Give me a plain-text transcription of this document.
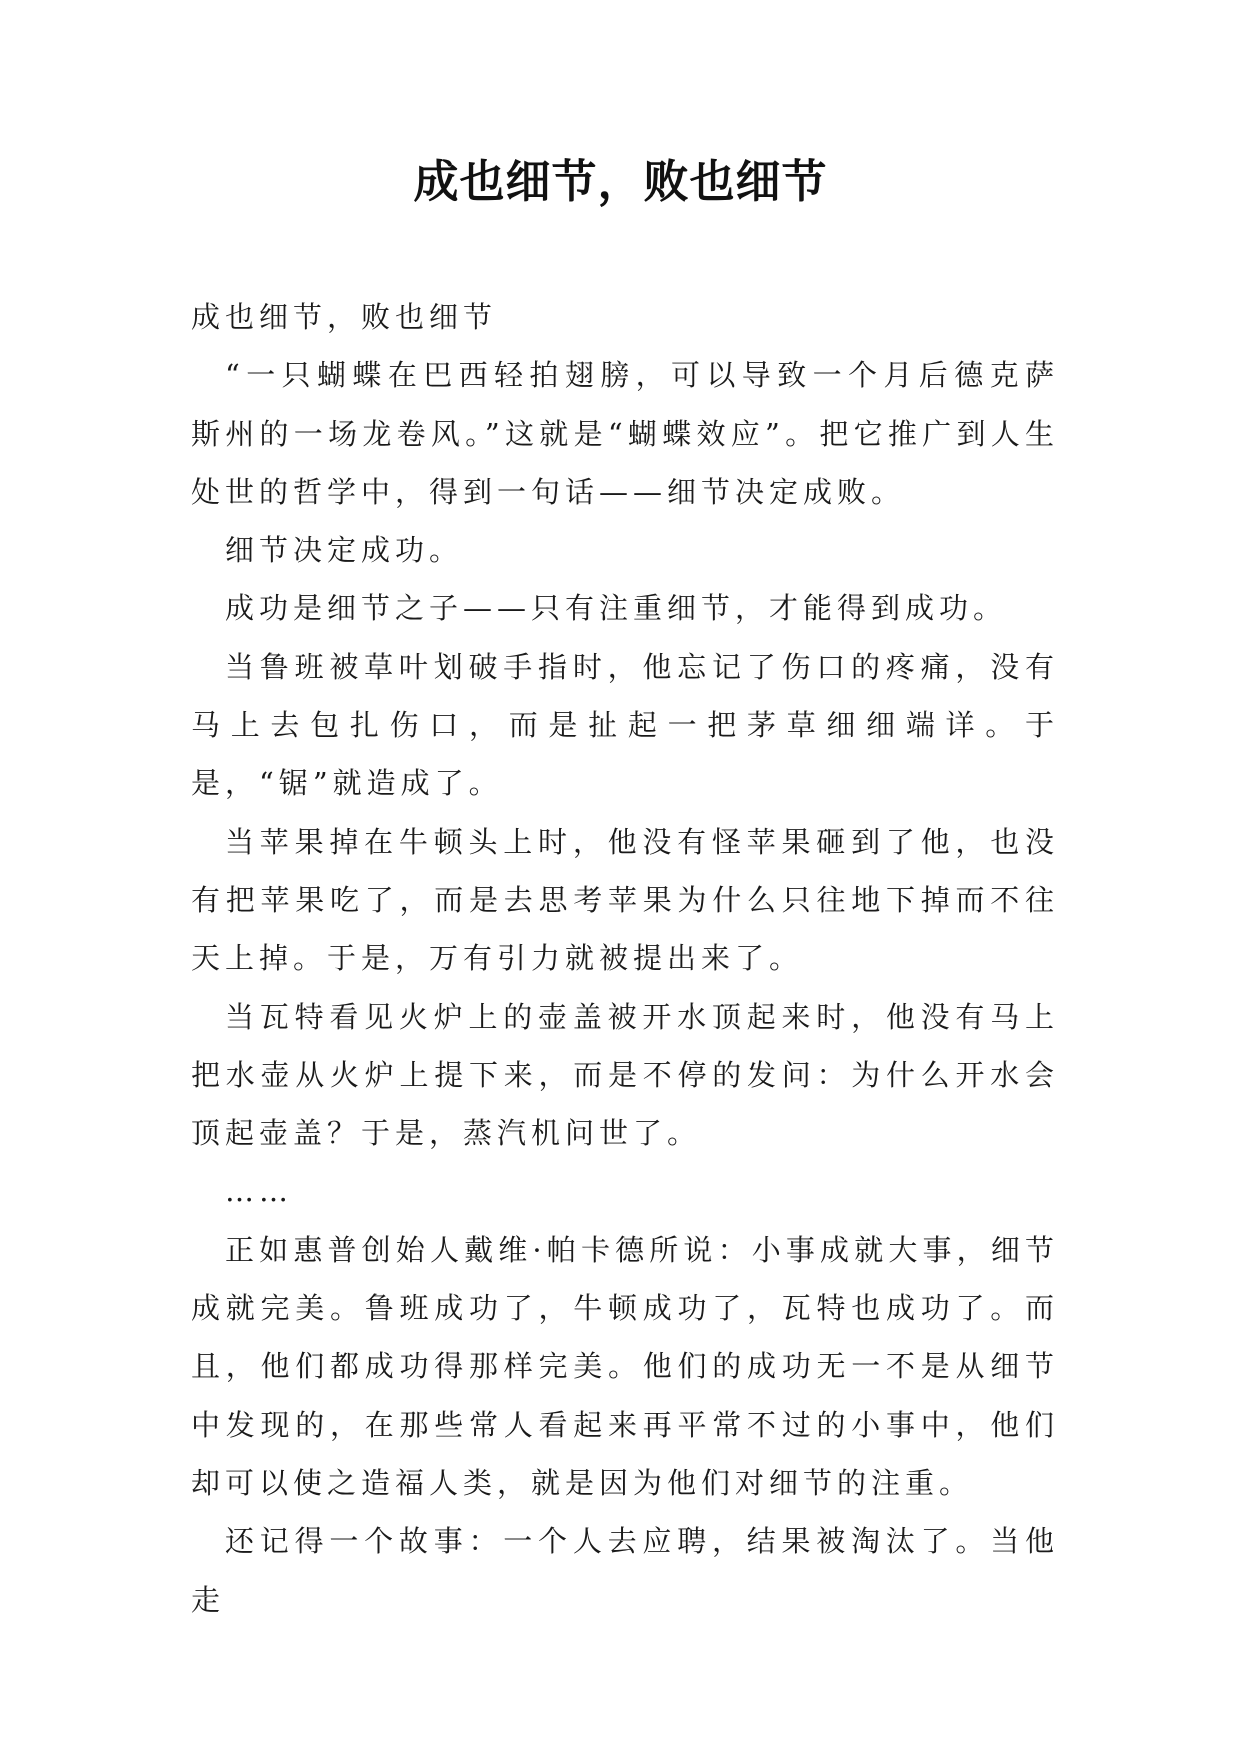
成也细节，败也细节

成也细节，败也细节

“一只蝴蝶在巴西轻拍翅膀，可以导致一个月后德克萨斯州的一场龙卷风。”这就是“蝴蝶效应”。把它推广到人生处世的哲学中，得到一句话——细节决定成败。

细节决定成功。

成功是细节之子——只有注重细节，才能得到成功。

当鲁班被草叶划破手指时，他忘记了伤口的疼痛，没有马上去包扎伤口，而是扯起一把茅草细细端详。于是，“锯”就造成了。

当苹果掉在牛顿头上时，他没有怪苹果砸到了他，也没有把苹果吃了，而是去思考苹果为什么只往地下掉而不往天上掉。于是，万有引力就被提出来了。

当瓦特看见火炉上的壶盖被开水顶起来时，他没有马上把水壶从火炉上提下来，而是不停的发问：为什么开水会顶起壶盖？于是，蒸汽机问世了。

……

正如惠普创始人戴维·帕卡德所说：小事成就大事，细节成就完美。鲁班成功了，牛顿成功了，瓦特也成功了。而且，他们都成功得那样完美。他们的成功无一不是从细节中发现的，在那些常人看起来再平常不过的小事中，他们却可以使之造福人类，就是因为他们对细节的注重。

还记得一个故事：一个人去应聘，结果被淘汰了。当他走
